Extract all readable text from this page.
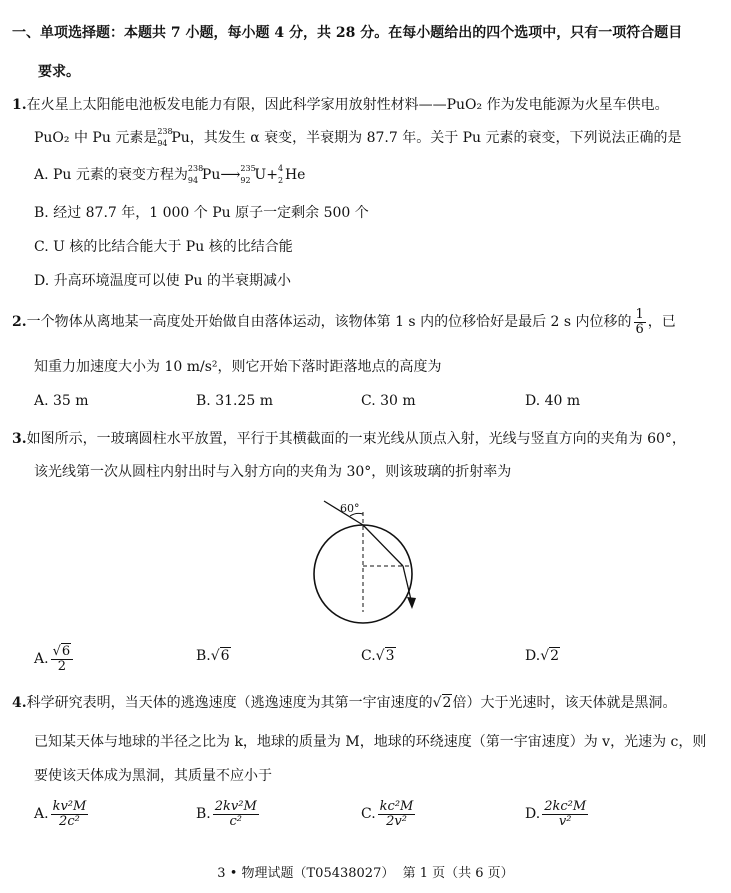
一、单项选择题：本题共 7 小题，每小题 4 分，共 28 分。在每小题给出的四个选项中，只有一项符合题目
要求。
1.在火星上太阳能电池板发电能力有限，因此科学家用放射性材料——PuO₂ 作为发电能源为火星车供电。
PuO₂ 中 Pu 元素是 238
94 Pu，其发生 α 衰变，半衰期为 87.7 年。关于 Pu 元素的衰变，下列说法正确的是
A. Pu 元素的衰变方程为 238
94 Pu⟶ 235
92 U+ 4
2 He
B. 经过 87.7 年，1 000 个 Pu 原子一定剩余 500 个
C. U 核的比结合能大于 Pu 核的比结合能
D. 升高环境温度可以使 Pu 的半衰期减小
2.一个物体从离地某一高度处开始做自由落体运动，该物体第 1 s 内的位移恰好是最后 2 s 内位移的 $\frac{1}{6}$ ，已
知重力加速度大小为 10 m/s²，则它开始下落时距落地点的高度为
A. 35 m	B. 31.25 m	C. 30 m	D. 40 m
3.如图所示，一玻璃圆柱水平放置，平行于其横截面的一束光线从顶点入射，光线与竖直方向的夹角为 60°，
该光线第一次从圆柱内射出时与入射方向的夹角为 30°，则该玻璃的折射率为
60°
A. $\frac{√6}{2}$	B.√6	C.√3	D.√2
4.科学研究表明，当天体的逃逸速度（逃逸速度为其第一宇宙速度的√2倍）大于光速时，该天体就是黑洞。
已知某天体与地球的半径之比为 k，地球的质量为 M，地球的环绕速度（第一宇宙速度）为 v，光速为 c，则
要使该天体成为黑洞，其质量不应小于
A. $\frac{\text{kv²M}}{\text{2c²}}$	B. $\frac{\text{2kv²M}}{\text{c²}}$	C. $\frac{\text{kc²M}}{\text{2v²}}$	D. $\frac{\text{2kc²M}}{\text{v²}}$
3 • 物理试题（T05438027）  第 1 页（共 6 页）
